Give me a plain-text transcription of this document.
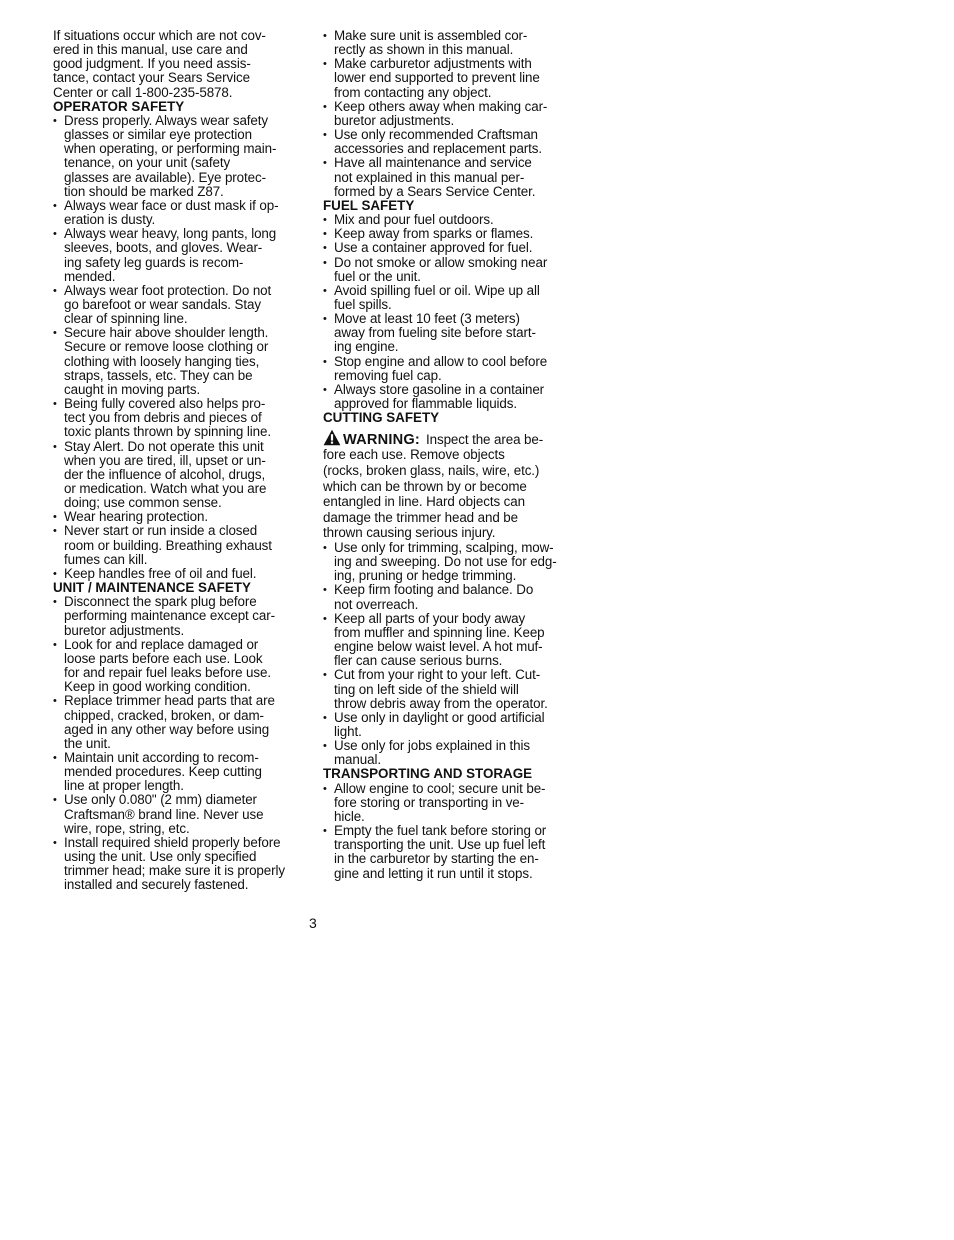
If situations occur which are not cov-
ered in this manual, use care and
good judgment. If you need assis-
tance, contact your Sears Service
Center or call 1-800-235-5878.

OPERATOR SAFETY

• Dress properly. Always wear safety
glasses or similar eye protection
when operating, or performing main-
tenance, on your unit (safety
glasses are available). Eye protec-
tion should be marked Z87.
• Always wear face or dust mask if op-
eration is dusty.
• Always wear heavy, long pants, long
sleeves, boots, and gloves. Wear-
ing safety leg guards is recom-
mended.
• Always wear foot protection. Do not
go barefoot or wear sandals. Stay
clear of spinning line.
• Secure hair above shoulder length.
Secure or remove loose clothing or
clothing with loosely hanging ties,
straps, tassels, etc. They can be
caught in moving parts.
• Being fully covered also helps pro-
tect you from debris and pieces of
toxic plants thrown by spinning line.
• Stay Alert. Do not operate this unit
when you are tired, ill, upset or un-
der the influence of alcohol, drugs,
or medication. Watch what you are
doing; use common sense.
• Wear hearing protection.
• Never start or run inside a closed
room or building. Breathing exhaust
fumes can kill.
• Keep handles free of oil and fuel.

UNIT / MAINTENANCE SAFETY

• Disconnect the spark plug before
performing maintenance except car-
buretor adjustments.
• Look for and replace damaged or
loose parts before each use. Look
for and repair fuel leaks before use.
Keep in good working condition.
• Replace trimmer head parts that are
chipped, cracked, broken, or dam-
aged in any other way before using
the unit.
• Maintain unit according to recom-
mended procedures. Keep cutting
line at proper length.
• Use only 0.080" (2 mm) diameter
Craftsman® brand line. Never use
wire, rope, string, etc.
• Install required shield properly before
using the unit. Use only specified
trimmer head; make sure it is properly
installed and securely fastened.
• Make sure unit is assembled cor-
rectly as shown in this manual.
• Make carburetor adjustments with
lower end supported to prevent line
from contacting any object.
• Keep others away when making car-
buretor adjustments.
• Use only recommended Craftsman
accessories and replacement parts.
• Have all maintenance and service
not explained in this manual per-
formed by a Sears Service Center.

FUEL SAFETY

• Mix and pour fuel outdoors.
• Keep away from sparks or flames.
• Use a container approved for fuel.
• Do not smoke or allow smoking near
fuel or the unit.
• Avoid spilling fuel or oil. Wipe up all
fuel spills.
• Move at least 10 feet (3 meters)
away from fueling site before start-
ing engine.
• Stop engine and allow to cool before
removing fuel cap.
• Always store gasoline in a container
approved for flammable liquids.

CUTTING SAFETY

WARNING: Inspect the area be-
fore each use. Remove objects
(rocks, broken glass, nails, wire, etc.)
which can be thrown by or become
entangled in line. Hard objects can
damage the trimmer head and be
thrown causing serious injury.
• Use only for trimming, scalping, mow-
ing and sweeping. Do not use for edg-
ing, pruning or hedge trimming.
• Keep firm footing and balance. Do
not overreach.
• Keep all parts of your body away
from muffler and spinning line. Keep
engine below waist level. A hot muf-
fler can cause serious burns.
• Cut from your right to your left. Cut-
ting on left side of the shield will
throw debris away from the operator.
• Use only in daylight or good artificial
light.
• Use only for jobs explained in this
manual.

TRANSPORTING AND STORAGE

• Allow engine to cool; secure unit be-
fore storing or transporting in ve-
hicle.
• Empty the fuel tank before storing or
transporting the unit. Use up fuel left
in the carburetor by starting the en-
gine and letting it run until it stops.
3
